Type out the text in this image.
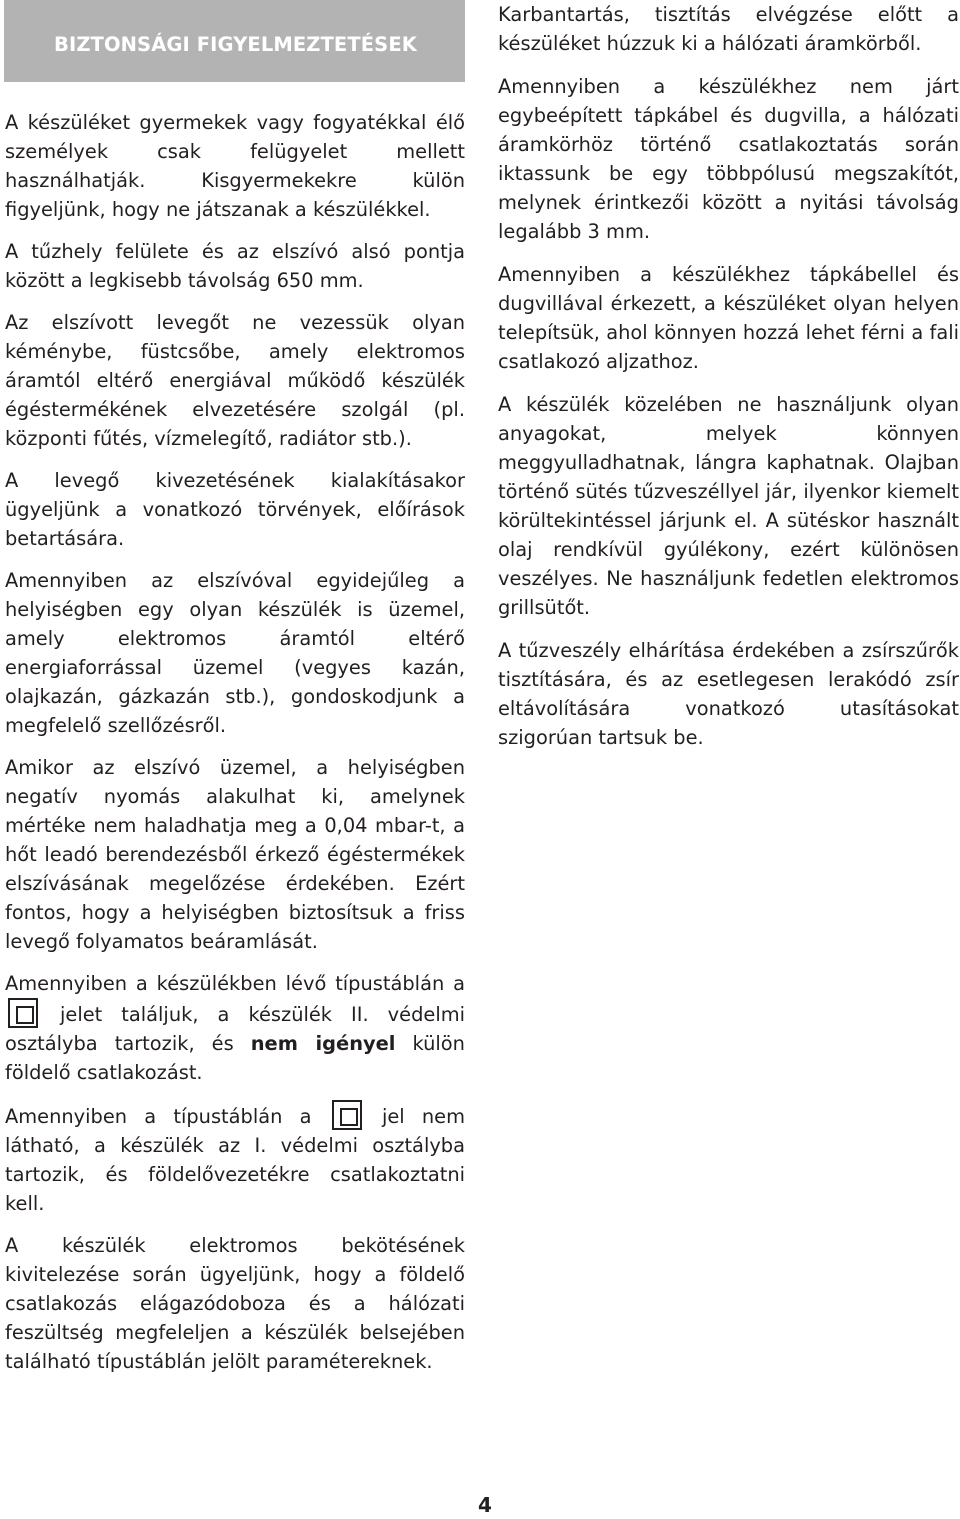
BIZTONSÁGI FIGYELMEZTETÉSEK

A készüléket gyermekek vagy fogyatékkal élő személyek csak felügyelet mellett használhatják. Kisgyermekekre külön figyeljünk, hogy ne játszanak a készülékkel.

A tűzhely felülete és az elszívó alsó pontja között a legkisebb távolság 650 mm.

Az elszívott levegőt ne vezessük olyan kéménybe, füstcsőbe, amely elektromos áramtól eltérő energiával működő készülék égéstermékének elvezetésére szolgál (pl. központi fűtés, vízmelegítő, radiátor stb.).

A levegő kivezetésének kialakításakor ügyeljünk a vonatkozó törvények, előírások betartására.

Amennyiben az elszívóval egyidejűleg a helyiségben egy olyan készülék is üzemel, amely elektromos áramtól eltérő energiaforrással üzemel (vegyes kazán, olajkazán, gázkazán stb.), gondoskodjunk a megfelelő szellőzésről.

Amikor az elszívó üzemel, a helyiségben negatív nyomás alakulhat ki, amelynek mértéke nem haladhatja meg a 0,04 mbar-t, a hőt leadó berendezésből érkező égéstermékek elszívásának megelőzése érdekében. Ezért fontos, hogy a helyiségben biztosítsuk a friss levegő folyamatos beáramlását.

Amennyiben a készülékben lévő típustáblán a  jelet találjuk, a készülék II. védelmi osztályba tartozik, és nem igényel külön földelő csatlakozást.

Amennyiben a típustáblán a	jel nem látható, a készülék az I. védelmi osztályba tartozik, és földelővezetékre csatlakoztatni kell.

A készülék elektromos bekötésének kivitelezése során ügyeljünk, hogy a földelő csatlakozás elágazódoboza és a hálózati feszültség megfeleljen a készülék belsejében található típustáblán jelölt paramétereknek.

Karbantartás, tisztítás elvégzése előtt a készüléket húzzuk ki a hálózati áramkörből.

Amennyiben a készülékhez nem járt egybeépített tápkábel és dugvilla, a hálózati áramkörhöz történő csatlakoztatás során iktassunk be egy többpólusú megszakítót, melynek érintkezői között a nyitási távolság legalább 3 mm.

Amennyiben a készülékhez tápkábellel és dugvillával érkezett, a készüléket olyan helyen telepítsük, ahol könnyen hozzá lehet férni a fali csatlakozó aljzathoz.

A készülék közelében ne használjunk olyan anyagokat, melyek könnyen meggyulladhatnak, lángra kaphatnak. Olajban történő sütés tűzveszéllyel jár, ilyenkor kiemelt körültekintéssel járjunk el. A sütéskor használt olaj rendkívül gyúlékony, ezért különösen veszélyes. Ne használjunk fedetlen elektromos grillsütőt.

A tűzveszély elhárítása érdekében a zsírszűrők tisztítására, és az esetlegesen lerakódó zsír eltávolítására vonatkozó utasításokat szigorúan tartsuk be.

4
